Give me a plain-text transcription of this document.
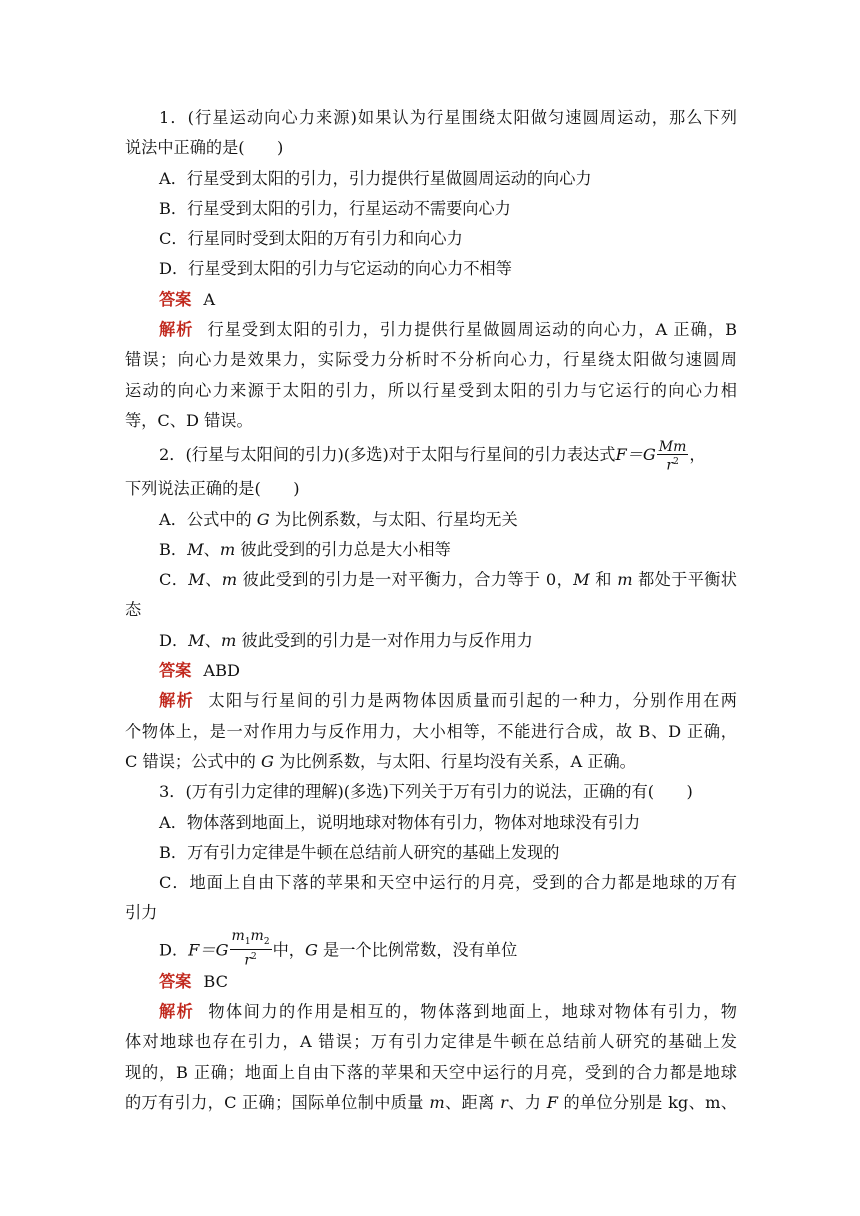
1．(行星运动向心力来源)如果认为行星围绕太阳做匀速圆周运动，那么下列
说法中正确的是(　　)
A．行星受到太阳的引力，引力提供行星做圆周运动的向心力
B．行星受到太阳的引力，行星运动不需要向心力
C．行星同时受到太阳的万有引力和向心力
D．行星受到太阳的引力与它运动的向心力不相等
答案 A
解析 行星受到太阳的引力，引力提供行星做圆周运动的向心力，A 正确，B
错误；向心力是效果力，实际受力分析时不分析向心力，行星绕太阳做匀速圆周
运动的向心力来源于太阳的引力，所以行星受到太阳的引力与它运行的向心力相
等，C、D 错误。
2．(行星与太阳间的引力)(多选)对于太阳与行星间的引力表达式$F=G \frac{Mm}{r^2}$ ，
下列说法正确的是(　　)
A．公式中的 G 为比例系数，与太阳、行星均无关
B．M、m 彼此受到的引力总是大小相等
C．M、m 彼此受到的引力是一对平衡力，合力等于 0，M 和 m 都处于平衡状
态
D．M、m 彼此受到的引力是一对作用力与反作用力
答案 ABD
解析 太阳与行星间的引力是两物体因质量而引起的一种力，分别作用在两
个物体上，是一对作用力与反作用力，大小相等，不能进行合成，故 B、D 正确，
C 错误；公式中的 G 为比例系数，与太阳、行星均没有关系，A 正确。
3．(万有引力定律的理解)(多选)下列关于万有引力的说法，正确的有(　　)
A．物体落到地面上，说明地球对物体有引力，物体对地球没有引力
B．万有引力定律是牛顿在总结前人研究的基础上发现的
C．地面上自由下落的苹果和天空中运行的月亮，受到的合力都是地球的万有
引力
D．$F=G \frac{m_1m_2}{r^2}$ 中，G 是一个比例常数，没有单位
答案 BC
解析 物体间力的作用是相互的，物体落到地面上，地球对物体有引力，物
体对地球也存在引力，A 错误；万有引力定律是牛顿在总结前人研究的基础上发
现的，B 正确；地面上自由下落的苹果和天空中运行的月亮，受到的合力都是地球
的万有引力，C 正确；国际单位制中质量 m、距离 r、力 F 的单位分别是 kg、m、
